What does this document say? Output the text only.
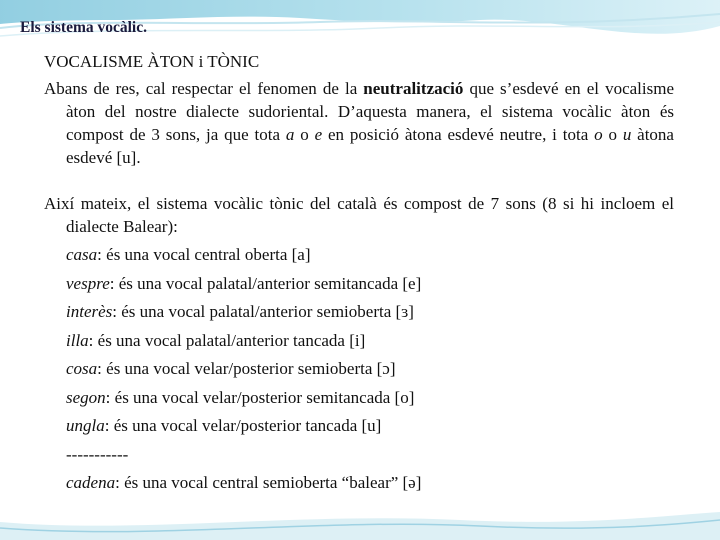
Els sistema vocàlic.

VOCALISME ÀTON i TÒNIC

Abans de res, cal respectar el fenomen de la neutralització que s’esdevé en el vocalisme àton del nostre dialecte sudoriental. D’aquesta manera, el sistema vocàlic àton és compost de 3 sons, ja que tota a o e en posició àtona esdevé neutre, i tota o o u àtona esdevé [u].

Així mateix, el sistema vocàlic tònic del català és compost de 7 sons (8 si hi incloem el dialecte Balear):

casa: és una vocal central oberta [a]
vespre: és una vocal palatal/anterior semitancada [e]
interès: és una vocal palatal/anterior semioberta [ɜ]
illa: és una vocal palatal/anterior tancada [i]
cosa: és una vocal velar/posterior semioberta [ɔ]
segon: és una vocal velar/posterior semitancada [o]
ungla: és una vocal velar/posterior tancada [u]
-----------
cadena: és una vocal central semioberta “balear” [ə]
